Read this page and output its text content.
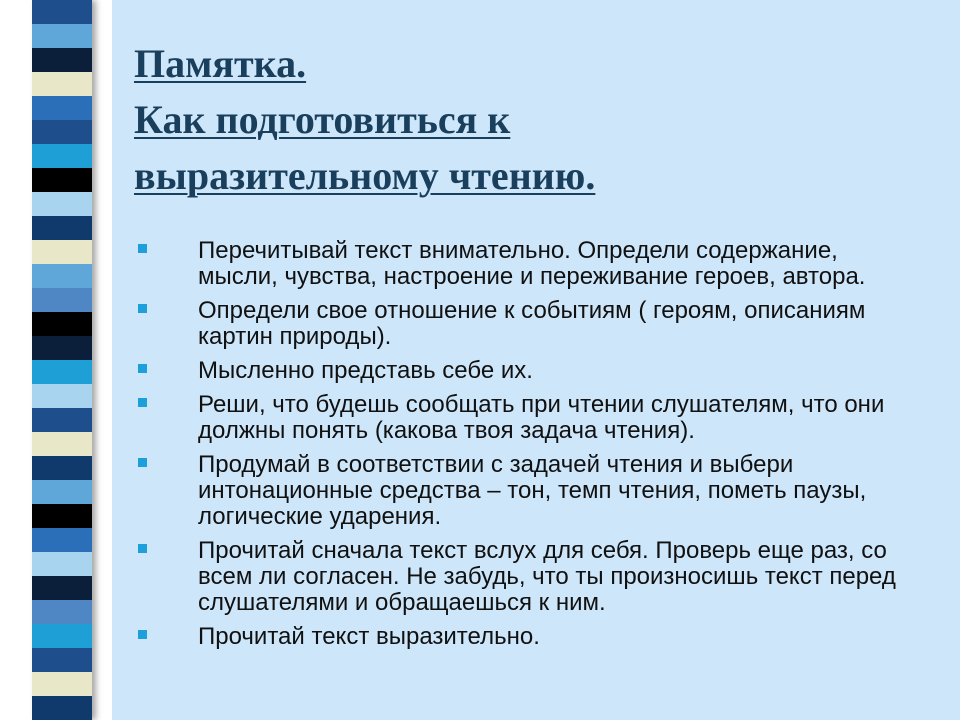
Памятка.
Как подготовиться к
выразительному чтению.
Перечитывай текст внимательно. Определи содержание, мысли, чувства, настроение и переживание героев, автора.
Определи свое отношение к событиям ( героям, описаниям картин природы).
Мысленно представь себе их.
Реши, что будешь сообщать при чтении слушателям, что они должны понять (какова твоя задача чтения).
Продумай в соответствии с задачей чтения и выбери интонационные средства – тон, темп чтения, пометь паузы, логические ударения.
Прочитай сначала текст вслух для себя. Проверь еще раз, со всем ли согласен. Не забудь, что ты произносишь текст перед слушателями и обращаешься к ним.
Прочитай текст выразительно.
